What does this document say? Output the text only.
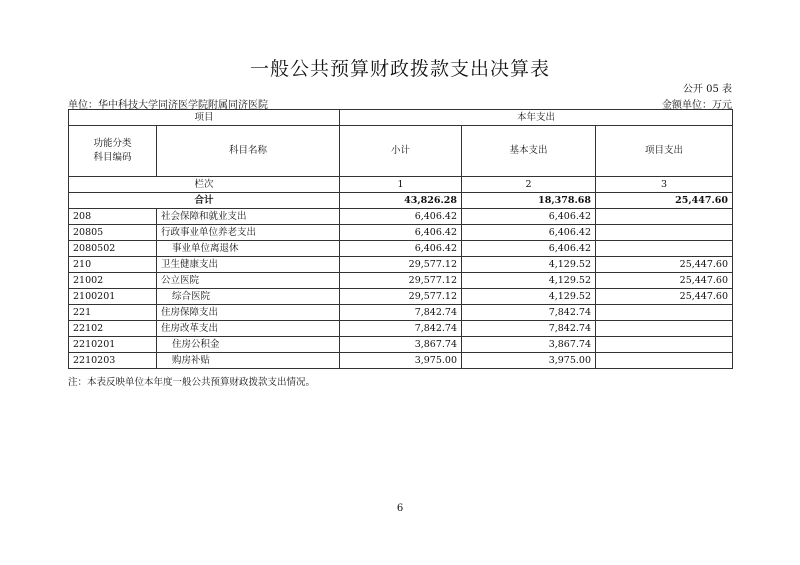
一般公共预算财政拨款支出决算表
公开 05 表
单位：华中科技大学同济医学院附属同济医院	金额单位：万元
项目		本年支出		

功能分类
科目编码	科目名称	小计	基本支出	项目支出
栏次		1	2	3
合计		43,826.28	18,378.68	25,447.60
208	社会保障和就业支出	6,406.42	6,406.42	
20805	行政事业单位养老支出	6,406.42	6,406.42	
2080502	事业单位离退休	6,406.42	6,406.42	
210	卫生健康支出	29,577.12	4,129.52	25,447.60
21002	公立医院	29,577.12	4,129.52	25,447.60
2100201	综合医院	29,577.12	4,129.52	25,447.60
221	住房保障支出	7,842.74	7,842.74	
22102	住房改革支出	7,842.74	7,842.74	
2210201	住房公积金	3,867.74	3,867.74	
2210203	购房补贴	3,975.00	3,975.00	
注：本表反映单位本年度一般公共预算财政拨款支出情况。
6
